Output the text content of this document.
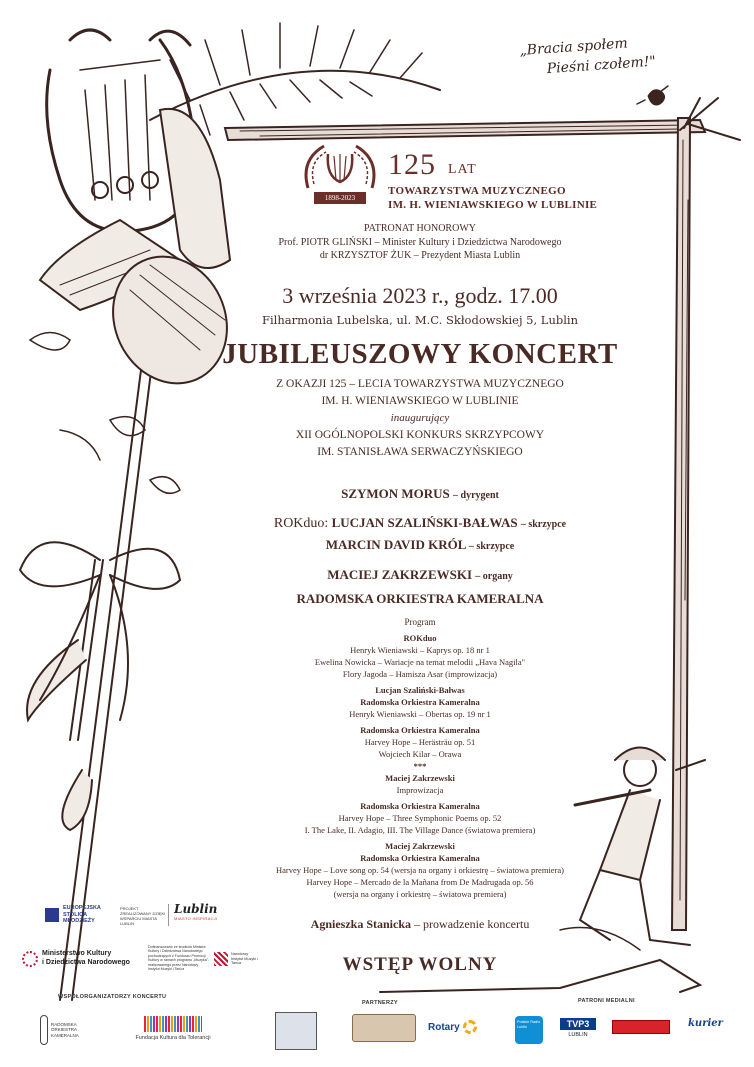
„Bracia społem
Pieśni czołem!"
1898-2023
125 LAT
TOWARZYSTWA MUZYCZNEGO
IM. H. WIENIAWSKIEGO W LUBLINIE
PATRONAT HONOROWY
Prof. PIOTR GLIŃSKI – Minister Kultury i Dziedzictwa Narodowego
dr KRZYSZTOF ŻUK – Prezydent Miasta Lublin
3 września 2023 r., godz. 17.00
Filharmonia Lubelska, ul. M.C. Skłodowskiej 5, Lublin
JUBILEUSZOWY KONCERT
Z OKAZJI 125 – LECIA TOWARZYSTWA MUZYCZNEGO
IM. H. WIENIAWSKIEGO W LUBLINIE
inaugurujący
XII OGÓLNOPOLSKI KONKURS SKRZYPCOWY
IM. STANISŁAWA SERWACZYŃSKIEGO
SZYMON MORUS – dyrygent
ROKduo: LUCJAN SZALIŃSKI-BAŁWAS – skrzypce
MARCIN DAVID KRÓL – skrzypce
MACIEJ ZAKRZEWSKI – organy
RADOMSKA ORKIESTRA KAMERALNA
Program
ROKduo
Henryk Wieniawski – Kaprys op. 18 nr 1
Ewelina Nowicka – Wariacje na temat melodii „Hava Nagila"
Flory Jagoda – Hamisza Asar (improwizacja)
Lucjan Szaliński-Bałwas
Radomska Orkiestra Kameralna
Henryk Wieniawski – Obertas op. 19 nr 1
Radomska Orkiestra Kameralna
Harvey Hope – Herästräu op. 51
Wojciech Kilar – Orawa
***
Maciej Zakrzewski
Improwizacja
Radomska Orkiestra Kameralna
Harvey Hope – Three Symphonic Poems op. 52
I. The Lake, II. Adagio, III. The Village Dance (światowa premiera)
Maciej Zakrzewski
Radomska Orkiestra Kameralna
Harvey Hope – Love song op. 54 (wersja na organy i orkiestrę – światowa premiera)
Harvey Hope – Mercado de la Mañana from De Madrugada op. 56
(wersja na organy i orkiestrę – światowa premiera)
Agnieszka Stanicka – prowadzenie koncertu
WSTĘP WOLNY
EUROPEJSKA
STOLICA
MŁODZIEŻY
PROJEKT ZREALIZOWANY DZIĘKI WSPARCIU MIASTA LUBLIN
Lublin
MIASTO INSPIRACJI
Ministerstwo Kultury
i Dziedzictwa Narodowego
Dofinansowano ze środków Ministra Kultury i Dziedzictwa Narodowego pochodzących z Funduszu Promocji Kultury w ramach programu „Muzyka", realizowanego przez Narodowy Instytut Muzyki i Tańca
Narodowy Instytut Muzyki i Tańca
WSPÓŁORGANIZATORZY KONCERTU
RADOMSKA
ORKIESTRA
KAMERALNA	Fundacja Kultura dla Tolerancji
PARTNERZY
Rotary
PATRONI MEDIALNI
Polskie Radio Lublin	TVP3
LUBLIN
kurier
